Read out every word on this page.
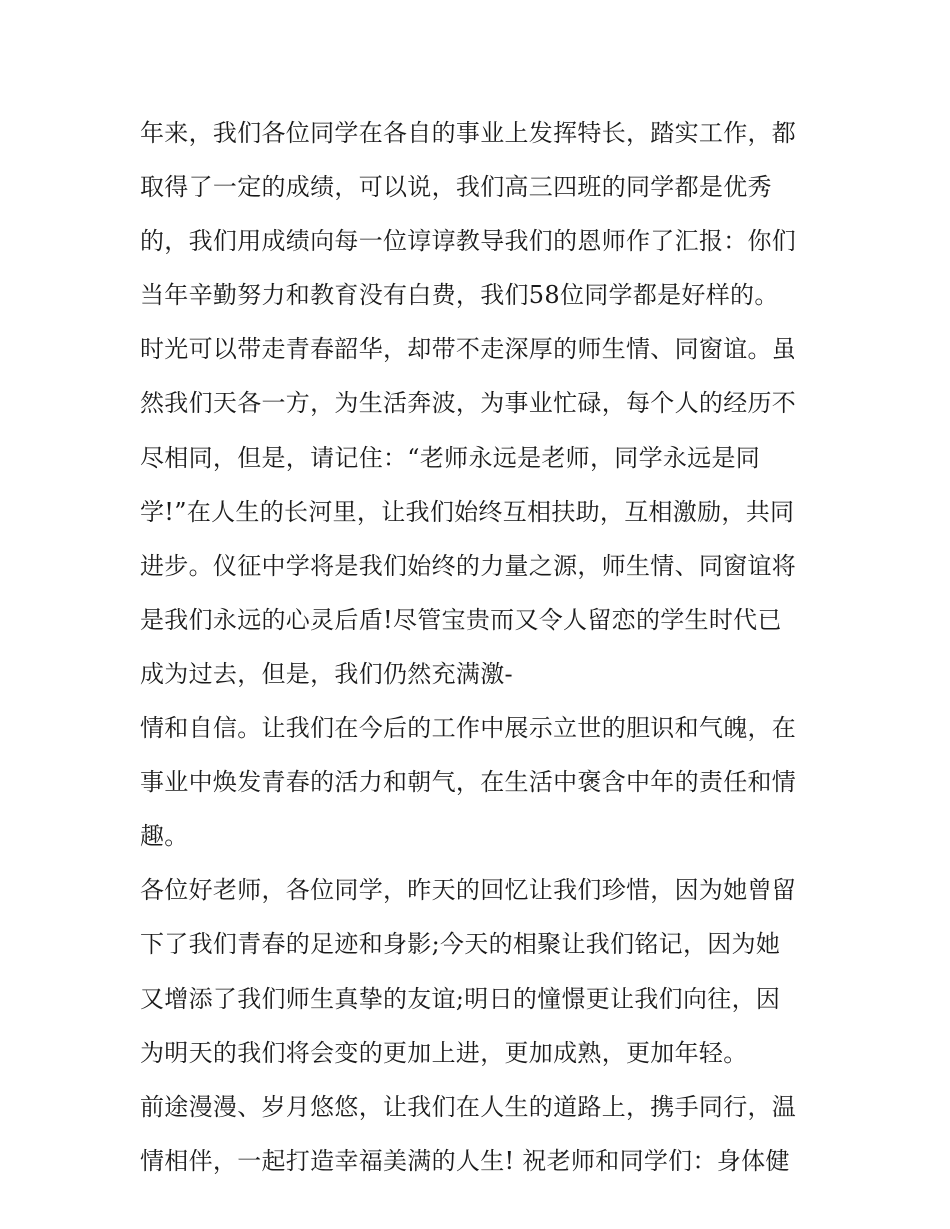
年来，我们各位同学在各自的事业上发挥特长，踏实工作，都
取得了一定的成绩，可以说，我们高三四班的同学都是优秀
的，我们用成绩向每一位谆谆教导我们的恩师作了汇报：你们
当年辛勤努力和教育没有白费，我们58位同学都是好样的。
时光可以带走青春韶华，却带不走深厚的师生情、同窗谊。虽
然我们天各一方，为生活奔波，为事业忙碌，每个人的经历不
尽相同，但是，请记住：“老师永远是老师，同学永远是同
学!”在人生的长河里，让我们始终互相扶助，互相激励，共同
进步。仪征中学将是我们始终的力量之源，师生情、同窗谊将
是我们永远的心灵后盾!尽管宝贵而又令人留恋的学生时代已
成为过去，但是，我们仍然充满激-
情和自信。让我们在今后的工作中展示立世的胆识和气魄，在
事业中焕发青春的活力和朝气，在生活中褒含中年的责任和情
趣。
各位好老师，各位同学，昨天的回忆让我们珍惜，因为她曾留
下了我们青春的足迹和身影;今天的相聚让我们铭记，因为她
又增添了我们师生真挚的友谊;明日的憧憬更让我们向往，因
为明天的我们将会变的更加上进，更加成熟，更加年轻。
前途漫漫、岁月悠悠，让我们在人生的道路上，携手同行，温
情相伴，一起打造幸福美满的人生! 祝老师和同学们：身体健
